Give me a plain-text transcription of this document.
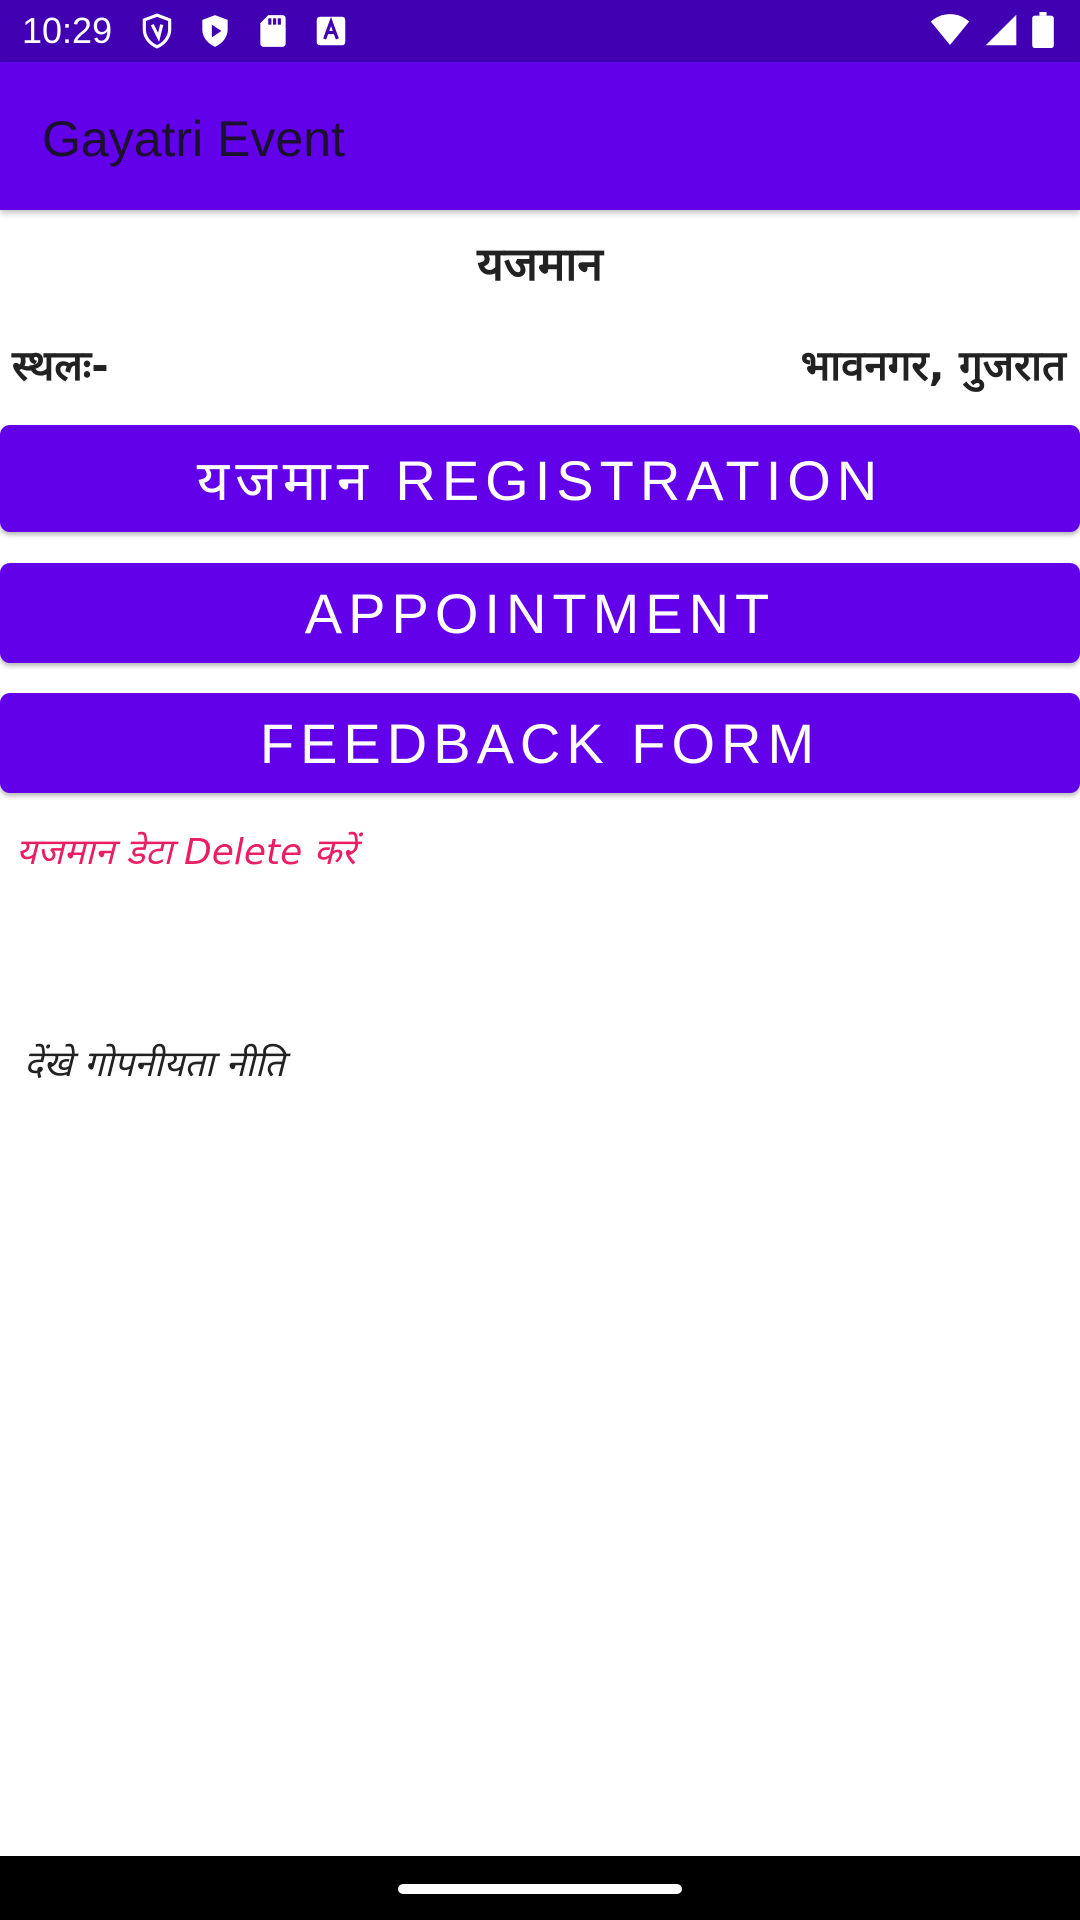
10:29
Gayatri Event
यजमान
स्थलः-	भावनगर, गुजरात
यजमान REGISTRATION
APPOINTMENT
FEEDBACK FORM
यजमान डेटा Delete करें
देंखे गोपनीयता नीति
